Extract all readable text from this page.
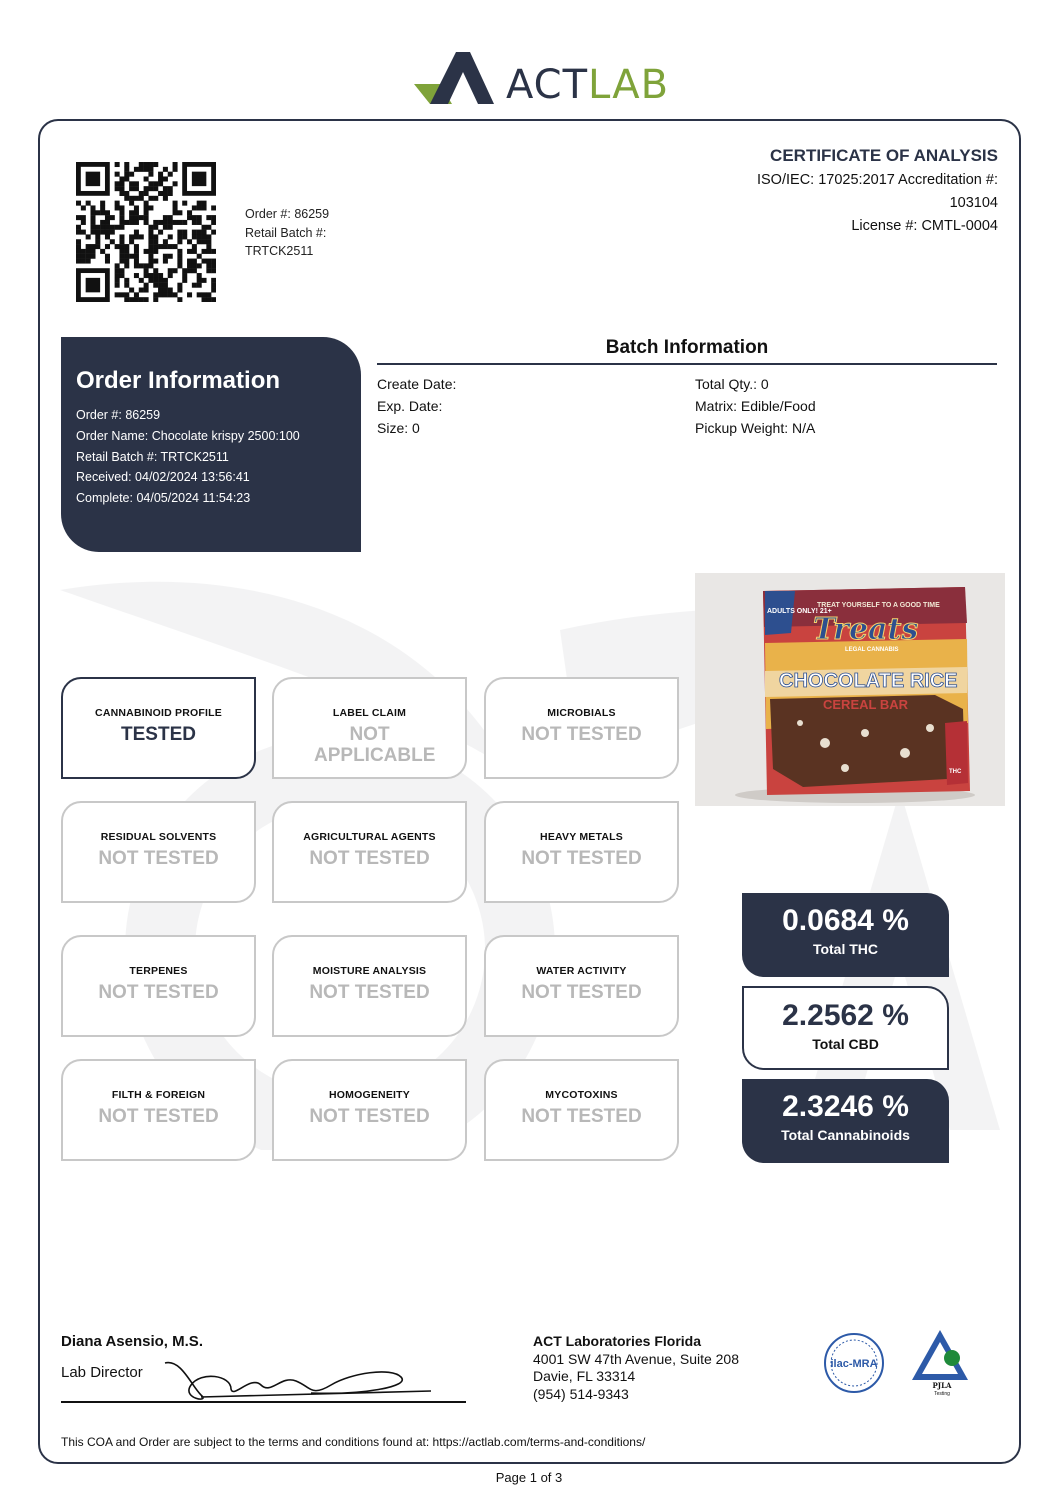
ACTLAB
Order #: 86259
Retail Batch #:
TRTCK2511
CERTIFICATE OF ANALYSIS
ISO/IEC: 17025:2017 Accreditation #:
103104
License #: CMTL-0004
Order Information
Order #: 86259
Order Name: Chocolate krispy 2500:100
Retail Batch #: TRTCK2511
Received: 04/02/2024 13:56:41
Complete: 04/05/2024 11:54:23
Batch Information
Create Date:
Exp. Date:
Size: 0
Total Qty.: 0
Matrix: Edible/Food
Pickup Weight: N/A
CANNABINOID PROFILE
TESTED
LABEL CLAIM
NOT APPLICABLE
MICROBIALS
NOT TESTED
RESIDUAL SOLVENTS
NOT TESTED
AGRICULTURAL AGENTS
NOT TESTED
HEAVY METALS
NOT TESTED
TERPENES
NOT TESTED
MOISTURE ANALYSIS
NOT TESTED
WATER ACTIVITY
NOT TESTED
FILTH & FOREIGN
NOT TESTED
HOMOGENEITY
NOT TESTED
MYCOTOXINS
NOT TESTED
TREAT YOURSELF TO A GOOD TIME
ADULTS ONLY! 21+
Treats
LEGAL CANNABIS
CHOCOLATE RICE
CEREAL BAR
THC
0.0684 %
Total THC
2.2562 %
Total CBD
2.3246 %
Total Cannabinoids
Diana Asensio, M.S.
Lab Director
ACT Laboratories Florida
4001 SW 47th Avenue, Suite 208
Davie, FL 33314
(954) 514-9343
ilac-MRA
PJLA
Testing
This COA and Order are subject to the terms and conditions found at: https://actlab.com/terms-and-conditions/
Page 1 of 3
